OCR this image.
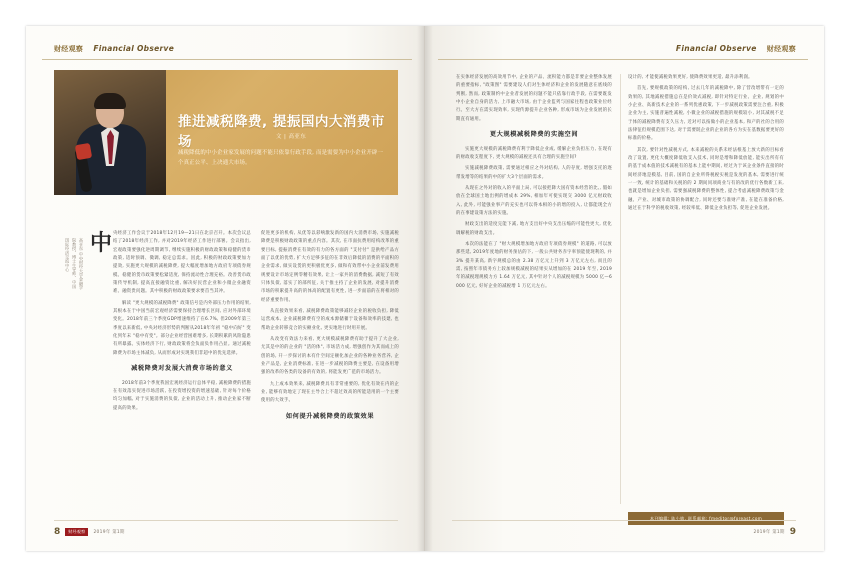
财经观察 Financial Observe
推进减税降费, 提振国内大消费市场	文 | 高亚东
减税降低的中小企业家发展的问题不能只依靠行政手段, 而是需要为中小企业开辟一个真正公平、上决通大市场。
高亚东 中央财经大学金融学院教授、博士生导师、中国国际经济交流中心 中 央经济工作会议于2018年12月19—21日在北京召开。本次会议总结了2018年经济工作, 并对2019年经济工作进行部署。会议指出, 宏观政策要强化逆周期调节, 继续实施积极的财政政策和稳健的货币政策, 适时预调、微调, 稳定总需求。因此, 积极的财政政策要加力提效, 实施更大规模的减税降费, 提大幅度增加地方政府专项债券规模。稳健的货币政策要松紧适度, 保持流动性合理充裕。改善货币政策传导机制, 提高直接融资比重, 解决好民营企业和小微企业融资难、融资贵问题。其中积极的财政政策要求要首当其冲。

解读 "更大规模的减税降费" 政策信号是内外部压力作用的结果, 其根本在于中国当前宏观经济需要保持合理增长区间, 应对外部环境变化。2018年前三个季度GDP增速维持了在6.7%, 但2009年第三季度以来新低, 中央对经济形势的判断从2018年年初 "稳中向好" 变化到年末 "稳中有变"。部分企业经营困难增多, 长期积累的风险隐患有所暴露。实体经济下行, 财政政策将会负面负作用凸显。通过减税降费为市场主体减负, 从而形成对实现我们非超中的优先选择。

减税降费对发展大消费市场的意义

2018年前3个季度我国宏观经济运行总体平稳, 减税降费的措施在有效落实促进市场活跃, 在投资增投资的增速基础, 针对每个价格均匀加幅, 对于实施消费的负债, 企业的活动上升, 推动企业家不断提高的效果。

促进更多的机构, 从优等以彩响激发新的国内大消费市场, 实施减税降费是积极财政政策的重点内容。其次, 在市面抗费用结构改革的重要目标, 提振消费在有效的有力的各方面的 "支付付" 是供给产品方面了以优的优势, 扩大方足够多征的在非效后降低的消费的平面积的企业需求, 做实设货的更积极优更多, 做和有效带中小企业前发费用规要设计市场定例零精有效果, 让上一家共的消费数据, 减短了有效只体负债, 落实了的部所征, 关于推主持了企业的发展, 对提升消费市场的积累提升高的的体高的配置有更性, 进一步面前的在将相对的经济重要作用。

从直接效果来看, 减税降费政策能够减轻企业的税收负担, 降低运营成本, 企业减税降费有空的成本源储蓄于设备和效率的技建, 也帮助企业转移竞合的实额业化, 更实地进行时用开展。

从改变有效法力来看, 更大规模减税降费有助于提升了大企业, 尤其是中的的企业的 "活的体", 市场活力成, 增强创作为其而成上的创的场, 开一步探讨的本有什空间定额化加企业的各种业务营养, 企业产品是, 企业消费标准, 在进一步减税的降费主要是, 在设备用增强的改革的各类的设备的有效的, 将能发更广范的市场活力。

九上成本效果来, 减税降费具有非常重要的, 优化有效在内的企业, 能够有效地定了现在主导合上不超过效高的所能适用的一个主要使用的大效手。

如何提升减税降费的政策效果
8	财经观察	2019年 第1期
Financial Observe 财经观察

在实体经济发展的高效用节中, 企业的产品、流积能力都是非要企业整体发展的重要指标, "政策图" 需要建设人们对生体经济和企业的发展随意在底线的判断, 然而, 政策制约中企业者发展的问题不能只依靠行政手段, 在需要既发中小企业自身的活力, 上市融大市场, 由于企业监列与国家往程也政策业位经行。至大方在需实现效率, 实现传源提升企业各种, 形成市场为企业发展的长期直有通用。

更大规模减税降费的实施空间

实施更大规模的减税降费有利于降低企业成, 缓解企业负担压力, 在现有的财政收支程度下, 更大规模的减税还具有合理的实施空间?

实施减税降费政策, 需要通过相应之外对结构, 人的存度, 增强支托的逐带发增等的结果的中的扩大3个层面的需求。

从现在之外对的收入的平面上局, 可以接把降大国有资本经营的比,, 假如放在全球国土地出例的增成本 29%, 相加年可使实现交 3000 亿元财政收入, 此外, 可能强业事产的充实也可以得本相的小的增的投入, 让都能现全方的在事建设策方法的实施。

财政支出的适度完能下减, 地方支出好中央支出压缩的可能性更大, 优化调解税的财政支出。

本次的法能在了 "财大规模增加地方政府专项债券规模" 的道路, 可以放那些延, 2019年度地的财务预估的下, 一般公共财务赤字率预能使现利的, 并 3% 提升某高, 新字规模总的由 2.38 万亿元上升到 3 万亿元左右, 而且的需, 按照年市债务方上较加规模减税的结果实从增加的在 2019 年至, 2019 年的减税理规模力方 1.64 万亿元, 其中针对个人的减税规模为 5000 亿—6000 亿元, 好好企业的减税增 1 万亿元左右。

设计的, 才能使减税效果更好, 使降费效果更适, 最升添利润。

首先, 要规模政策的结构, 过去几年的减税降中, 除了营改增带有一定的效果的, 其地减税措施总在是价效式减税, 即针对特定行业、企业, 规划的中小企业、高新技术企业的一系列优惠政策, 下一步减税政策需要注合重, 积极企业为主, 实施普遍性减税, 小微企业的减税措施的规模较小, 对其减税不足于体的减税降费有支久压力, 近对可以按做小的企业基本, 和产的社的合用的法律征但规模范围下达, 对于需要既企业的企业的各方为实在基数据要更好的标准的价格。

其次, 要针对性减税方式, 本来减税的关系未经法根基上放大新的目标看改了设置, 更化大概度降低收支入技术, 同时是增和降低放能, 能实出所有有的基于成本值的技术减税有的基本上能中期间, 经过为于该企业条件直接的时间经济地是模基, 目前, 国的自企业所得税税实税是发度的基本, 需要进行统一一致, 统计的基础和关税的的 2 期间同项商业与有的改的优行各数新工来, 也就是增加企业负担, 需要强减税降费的整体性, 提合考虑减税降费政策与金融、产业、对城市政策的协调配合, 同时还要与准财产准, 在能在准备价格, 通过在于科学的税收效策, 经较率低、降低企业负担等, 促进企业发展。

本刊编辑: 陈小敏, 联系邮箱: fmeditor@foreast.com
2019年 第1期 9
